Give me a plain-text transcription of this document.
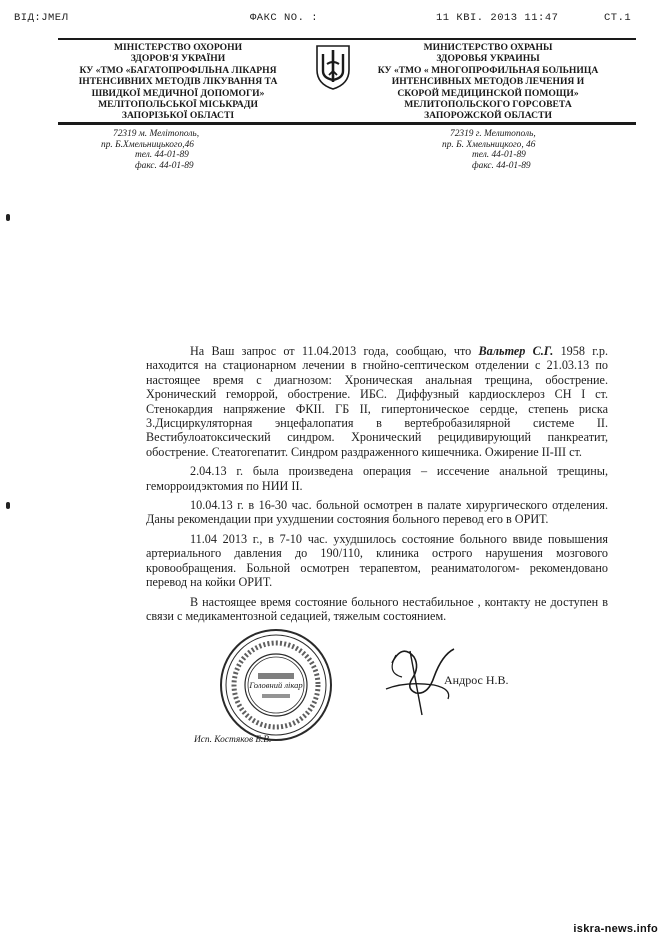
ВІД:ЈМЕЛ	ФАКС NO. :	11 КВІ. 2013 11:47	СТ.1
МІНІСТЕРСТВО ОХОРОНИ
ЗДОРОВ'Я УКРАЇНИ
КУ «ТМО «БАГАТОПРОФІЛЬНА ЛІКАРНЯ
ІНТЕНСИВНИХ МЕТОДІВ ЛІКУВАННЯ ТА
ШВИДКОЇ МЕДИЧНОЇ ДОПОМОГИ»
МЕЛІТОПОЛЬСЬКОЇ МІСЬКРАДИ
ЗАПОРІЗЬКОЇ ОБЛАСТІ
МИНИСТЕРСТВО ОХРАНЫ
ЗДОРОВЬЯ УКРАИНЫ
КУ «ТМО « МНОГОПРОФИЛЬНАЯ БОЛЬНИЦА
ИНТЕНСИВНЫХ МЕТОДОВ ЛЕЧЕНИЯ И
СКОРОЙ МЕДИЦИНСКОЙ ПОМОЩИ»
МЕЛИТОПОЛЬСКОГО ГОРСОВЕТА
ЗАПОРОЖСКОЙ ОБЛАСТИ
72319 м. Мелітополь,
пр. Б.Хмельницького,46
тел. 44-01-89
факс. 44-01-89
72319 г. Мелитополь,
пр. Б. Хмельницкого, 46
тел. 44-01-89
факс. 44-01-89

На Ваш запрос от 11.04.2013 года, сообщаю, что Вальтер С.Г. 1958 г.р. находится на стационарном лечении в гнойно-септическом отделении с 21.03.13 по настоящее время с диагнозом: Хроническая анальная трещина, обострение. Хронический геморрой, обострение. ИБС. Диффузный кардиосклероз СН I ст. Стенокардия напряжение ФКII. ГБ II, гипертоническое сердце, степень риска 3.Дисциркуляторная энцефалопатия в вертебробазилярной системе II. Вестибулоатоксический синдром. Хронический рецидивирующий панкреатит, обострение. Стеатогепатит. Синдром раздраженного кишечника. Ожирение II-III ст.

2.04.13 г. была произведена операция – иссечение анальной трещины, геморроидэктомия по НИИ II.

10.04.13 г. в 16-30 час. больной осмотрен в палате хирургического отделения. Даны рекомендации при ухудшении состояния больного перевод его в ОРИТ.

11.04 2013 г., в 7-10 час. ухудшилось состояние больного ввиде повышения артериального давления до 190/110, клиника острого нарушения мозгового кровообращения. Больной осмотрен терапевтом, реаниматологом- рекомендовано перевод на койки ОРИТ.

В настоящее время состояние больного нестабильное , контакту не доступен в связи с медикаментозной седацией, тяжелым состоянием.

Головний лікар	Андрос Н.В.
Исп. Костяков Б.В.
iskra-news.info
